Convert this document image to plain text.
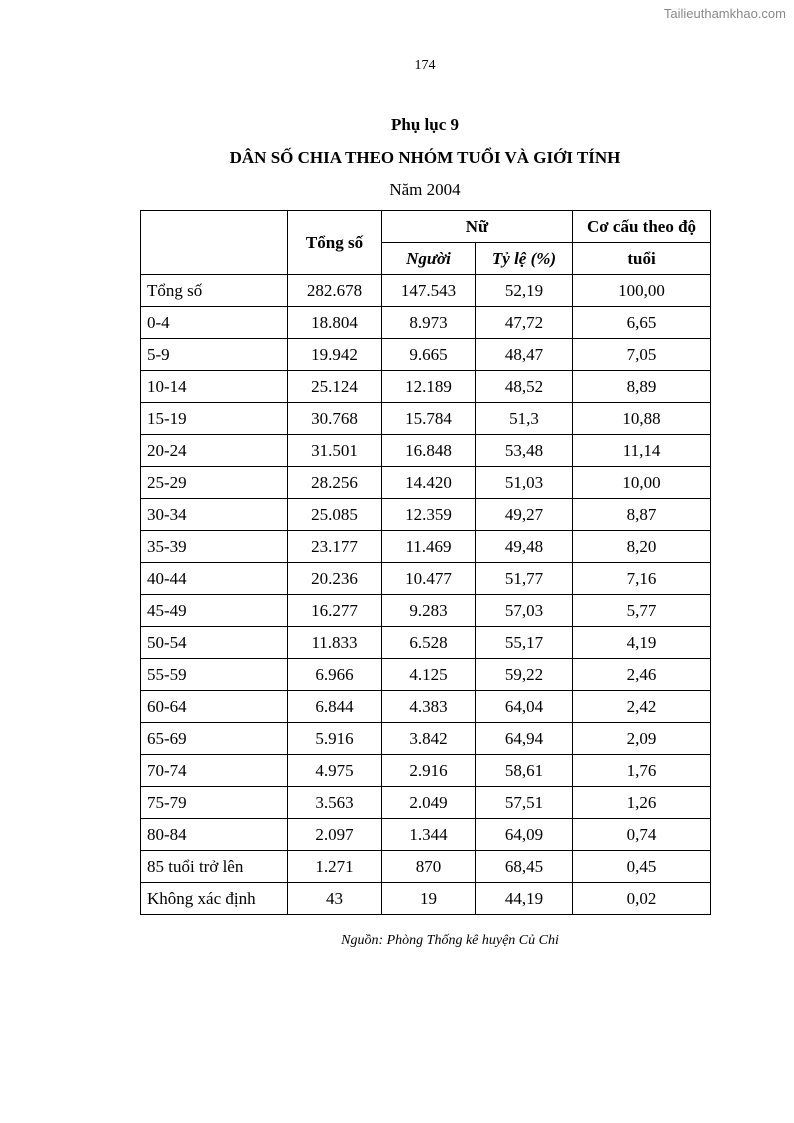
Tailieuthamkhao.com
174
Phụ lục 9
DÂN SỐ CHIA THEO NHÓM TUỔI VÀ GIỚI TÍNH
Năm 2004
	Tổng số	Nữ		Cơ cấu theo độ
		Người	Tỷ lệ (%)	tuổi
Tổng số	282.678	147.543	52,19	100,00
0-4	18.804	8.973	47,72	6,65
5-9	19.942	9.665	48,47	7,05
10-14	25.124	12.189	48,52	8,89
15-19	30.768	15.784	51,3	10,88
20-24	31.501	16.848	53,48	11,14
25-29	28.256	14.420	51,03	10,00
30-34	25.085	12.359	49,27	8,87
35-39	23.177	11.469	49,48	8,20
40-44	20.236	10.477	51,77	7,16
45-49	16.277	9.283	57,03	5,77
50-54	11.833	6.528	55,17	4,19
55-59	6.966	4.125	59,22	2,46
60-64	6.844	4.383	64,04	2,42
65-69	5.916	3.842	64,94	2,09
70-74	4.975	2.916	58,61	1,76
75-79	3.563	2.049	57,51	1,26
80-84	2.097	1.344	64,09	0,74
85 tuổi trở lên	1.271	870	68,45	0,45
Không xác định	43	19	44,19	0,02
Nguồn: Phòng Thống kê huyện Củ Chi
